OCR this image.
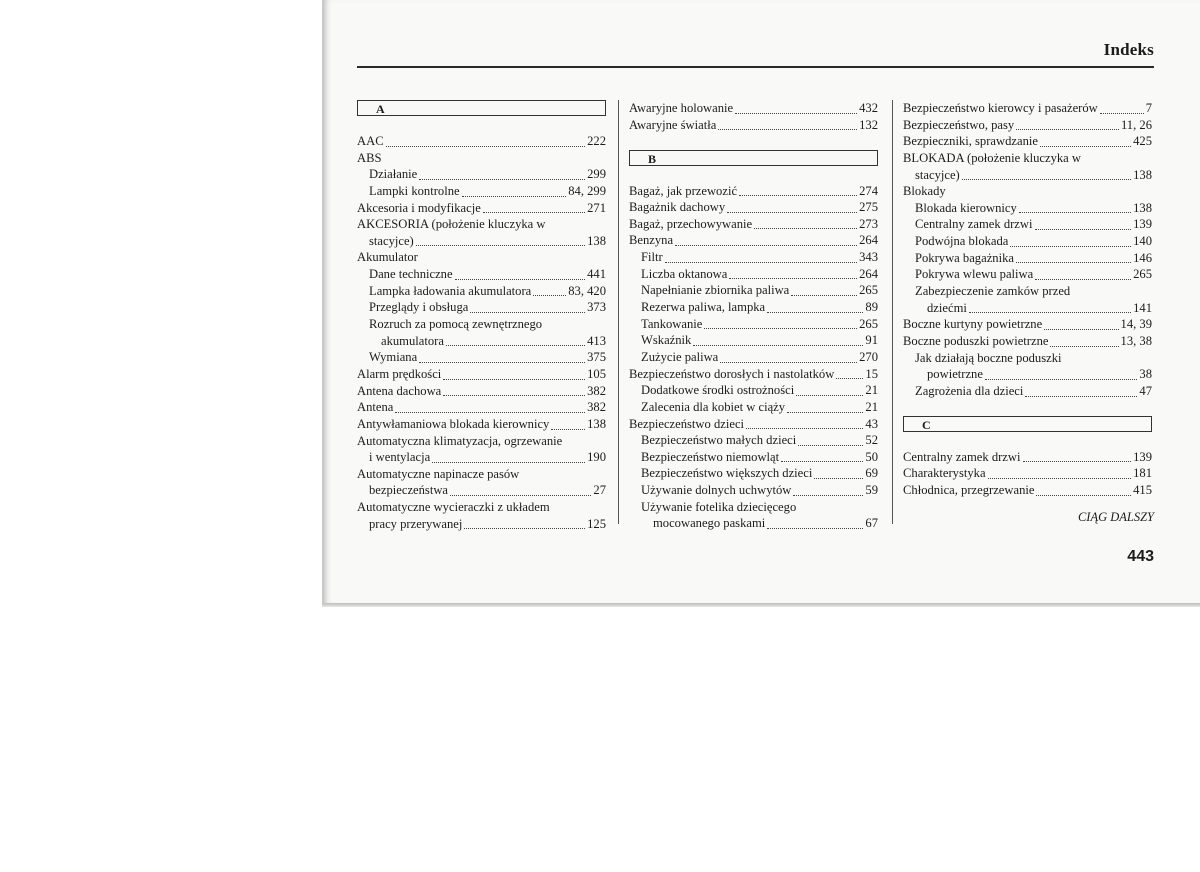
Indeks
A
AAC	222
ABS
Działanie	299
Lampki kontrolne	84, 299
Akcesoria i modyfikacje	271
AKCESORIA (położenie kluczyka w
stacyjce)	138
Akumulator
Dane techniczne	441
Lampka ładowania akumulatora	83, 420
Przeglądy i obsługa	373
Rozruch za pomocą zewnętrznego
akumulatora	413
Wymiana	375
Alarm prędkości	105
Antena dachowa	382
Antena	382
Antywłamaniowa blokada kierownicy	138
Automatyczna klimatyzacja, ogrzewanie
i wentylacja	190
Automatyczne napinacze pasów
bezpieczeństwa	27
Automatyczne wycieraczki z układem
pracy przerywanej	125
Awaryjne holowanie	432
Awaryjne światła	132
B
Bagaż, jak przewozić	274
Bagażnik dachowy	275
Bagaż, przechowywanie	273
Benzyna	264
Filtr	343
Liczba oktanowa	264
Napełnianie zbiornika paliwa	265
Rezerwa paliwa, lampka	89
Tankowanie	265
Wskaźnik	91
Zużycie paliwa	270
Bezpieczeństwo dorosłych i nastolatków 15
Dodatkowe środki ostrożności	21
Zalecenia dla kobiet w ciąży	21
Bezpieczeństwo dzieci	43
Bezpieczeństwo małych dzieci	52
Bezpieczeństwo niemowląt	50
Bezpieczeństwo większych dzieci	69
Używanie dolnych uchwytów	59
Używanie fotelika dziecięcego
mocowanego paskami	67
Bezpieczeństwo kierowcy i pasażerów	7
Bezpieczeństwo, pasy	11, 26
Bezpieczniki, sprawdzanie	425
BLOKADA (położenie kluczyka w
stacyjce)	138
Blokady
Blokada kierownicy	138
Centralny zamek drzwi	139
Podwójna blokada	140
Pokrywa bagażnika	146
Pokrywa wlewu paliwa	265
Zabezpieczenie zamków przed
dziećmi	141
Boczne kurtyny powietrzne	14, 39
Boczne poduszki powietrzne	13, 38
Jak działają boczne poduszki
powietrzne	38
Zagrożenia dla dzieci	47
C
Centralny zamek drzwi	139
Charakterystyka	181
Chłodnica, przegrzewanie	415
CIĄG DALSZY
443
